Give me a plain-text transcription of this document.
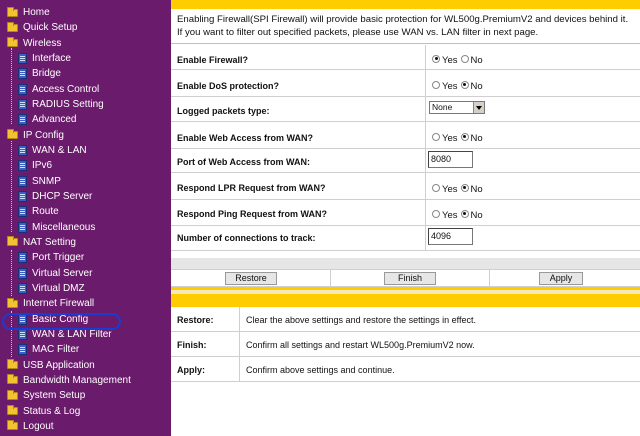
Home
Quick Setup
Wireless
Interface
Bridge
Access Control
RADIUS Setting
Advanced
IP Config
WAN & LAN
IPv6
SNMP
DHCP Server
Route
Miscellaneous
NAT Setting
Port Trigger
Virtual Server
Virtual DMZ
Internet Firewall
Basic Config
WAN & LAN Filter
MAC Filter
USB Application
Bandwidth Management
System Setup
Status & Log
Logout
Enabling Firewall(SPI Firewall) will provide basic protection for WL500g.PremiumV2 and devices behind it. If you want to filter out specified packets, please use WAN vs. LAN filter in next page.
Enable Firewall?	Yes No
Enable DoS protection?	Yes No
Logged packets type:	None
Enable Web Access from WAN?	Yes No
Port of Web Access from WAN:	8080
Respond LPR Request from WAN?	Yes No
Respond Ping Request from WAN?	Yes No
Number of connections to track:	4096
Restore	Finish	Apply
Restore:	Clear the above settings and restore the settings in effect.
Finish:	Confirm all settings and restart WL500g.PremiumV2 now.
Apply:	Confirm above settings and continue.
